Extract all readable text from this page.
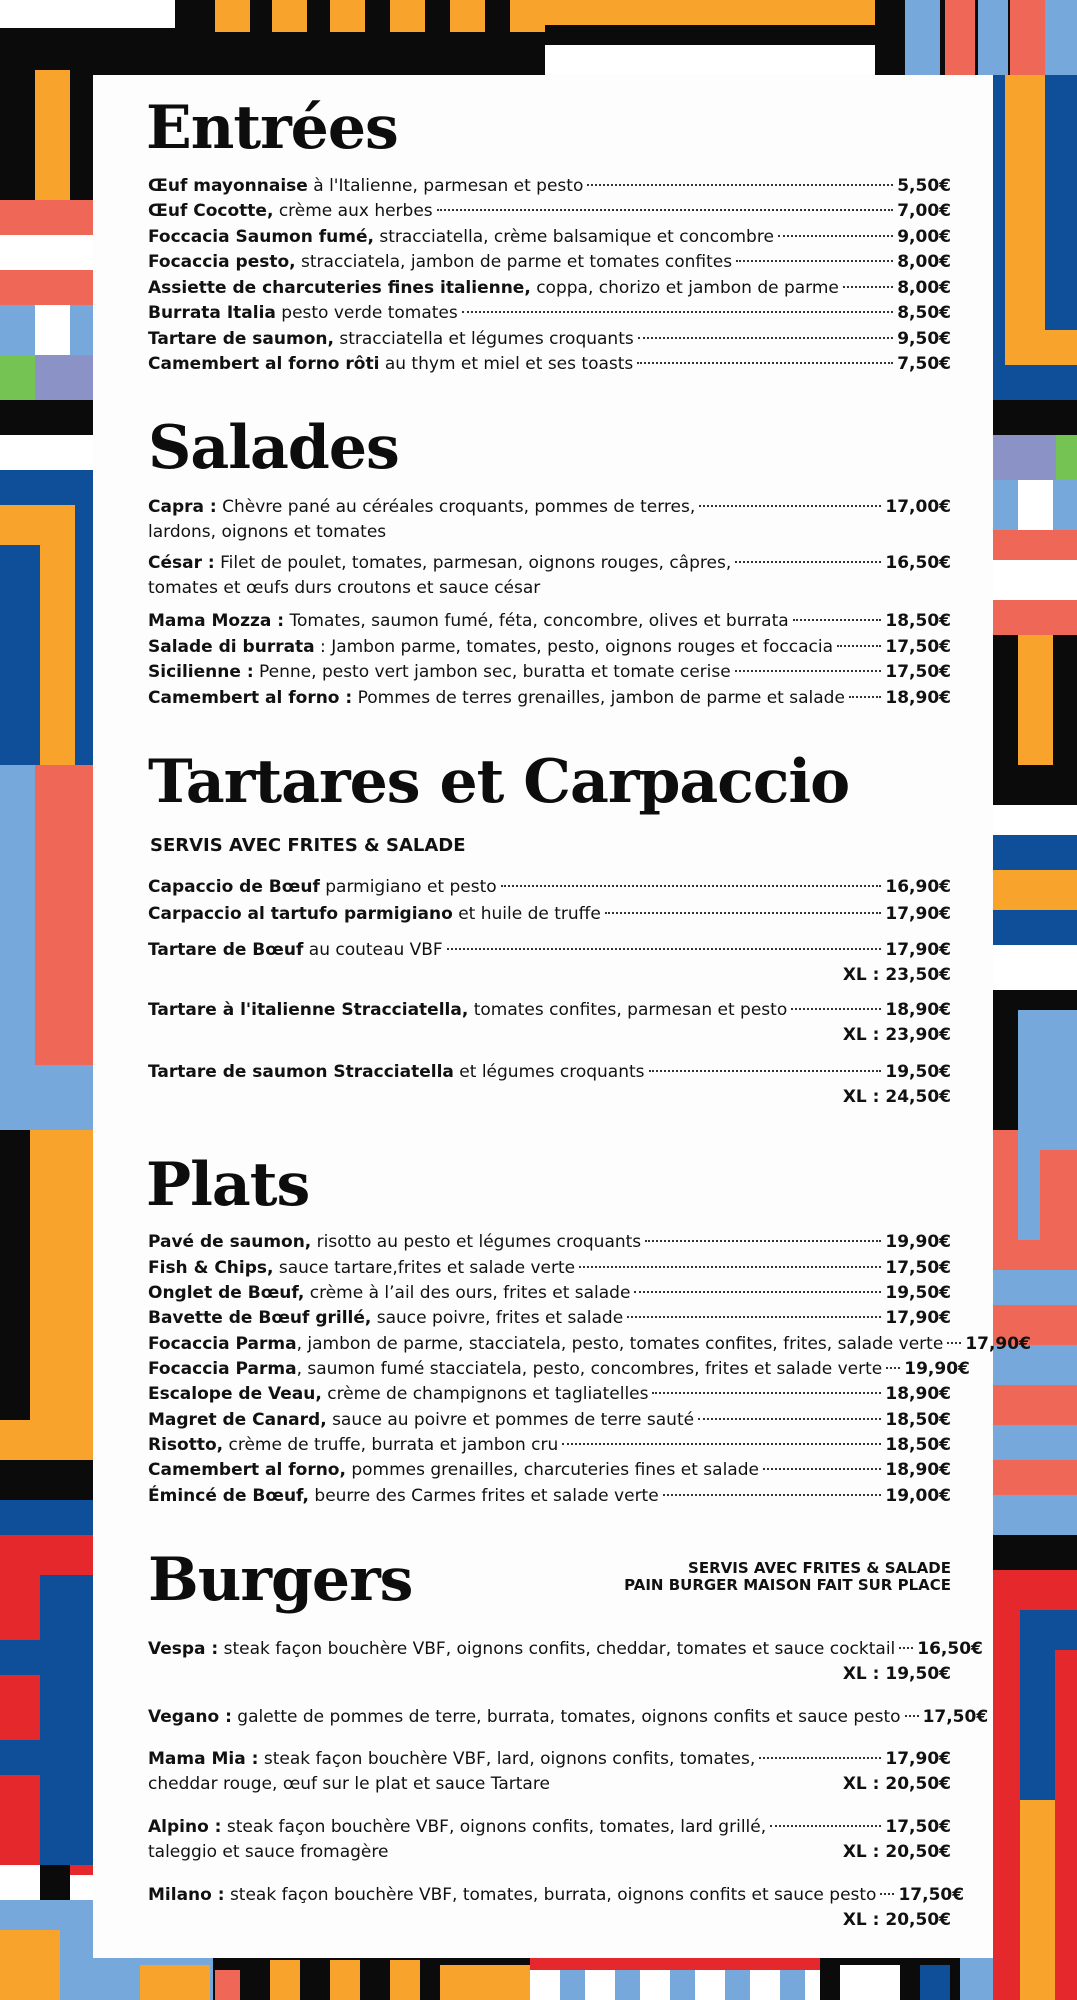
Entrées
Œuf mayonnaise à l'Italienne, parmesan et pesto	5,50€
Œuf Cocotte, crème aux herbes	7,00€
Foccacia Saumon fumé, stracciatella, crème balsamique et concombre	9,00€
Focaccia pesto, stracciatela, jambon de parme et tomates confites	8,00€
Assiette de charcuteries fines italienne, coppa, chorizo et jambon de parme	8,00€
Burrata Italia pesto verde tomates	8,50€
Tartare de saumon, stracciatella et légumes croquants	9,50€
Camembert al forno rôti au thym et miel et ses toasts	7,50€
Salades
Capra : Chèvre pané au céréales croquants, pommes de terres,	17,00€
lardons, oignons et tomates
César : Filet de poulet, tomates, parmesan, oignons rouges, câpres,	16,50€
tomates et œufs durs croutons et sauce césar
Mama Mozza : Tomates, saumon fumé, féta, concombre, olives et burrata	18,50€
Salade di burrata : Jambon parme, tomates, pesto, oignons rouges et foccacia	17,50€
Sicilienne : Penne, pesto vert jambon sec, buratta et tomate cerise	17,50€
Camembert al forno : Pommes de terres grenailles, jambon de parme et salade 18,90€
Tartares et Carpaccio

SERVIS AVEC FRITES & SALADE

Capaccio de Bœuf parmigiano et pesto	16,90€
Carpaccio al tartufo parmigiano et huile de truffe	17,90€
Tartare de Bœuf au couteau VBF	17,90€
XL : 23,50€
Tartare à l'italienne Stracciatella, tomates confites, parmesan et pesto	18,90€
XL : 23,90€
Tartare de saumon Stracciatella et légumes croquants	19,50€
XL : 24,50€
Plats
Pavé de saumon, risotto au pesto et légumes croquants	19,90€
Fish & Chips, sauce tartare,frites et salade verte	17,50€
Onglet de Bœuf, crème à l’ail des ours, frites et salade	19,50€
Bavette de Bœuf grillé, sauce poivre, frites et salade	17,90€
Focaccia Parma, jambon de parme, stacciatela, pesto, tomates confites, frites, salade verte 17,90€
Focaccia Parma, saumon fumé stacciatela, pesto, concombres, frites et salade verte 19,90€
Escalope de Veau, crème de champignons et tagliatelles	18,90€
Magret de Canard, sauce au poivre et pommes de terre sauté	18,50€
Risotto, crème de truffe, burrata et jambon cru	18,50€
Camembert al forno, pommes grenailles, charcuteries fines et salade	18,90€
Émincé de Bœuf, beurre des Carmes frites et salade verte	19,00€
Burgers	SERVIS AVEC FRITES & SALADE
PAIN BURGER MAISON FAIT SUR PLACE

Vespa : steak façon bouchère VBF, oignons confits, cheddar, tomates et sauce cocktail 16,50€
XL : 19,50€
Vegano : galette de pommes de terre, burrata, tomates, oignons confits et sauce pesto 17,50€
Mama Mia : steak façon bouchère VBF, lard, oignons confits, tomates,	17,90€
cheddar rouge, œuf sur le plat et sauce Tartare	XL : 20,50€
Alpino : steak façon bouchère VBF, oignons confits, tomates, lard grillé,	17,50€
taleggio et sauce fromagère	XL : 20,50€
Milano : steak façon bouchère VBF, tomates, burrata, oignons confits et sauce pesto 17,50€
XL : 20,50€
